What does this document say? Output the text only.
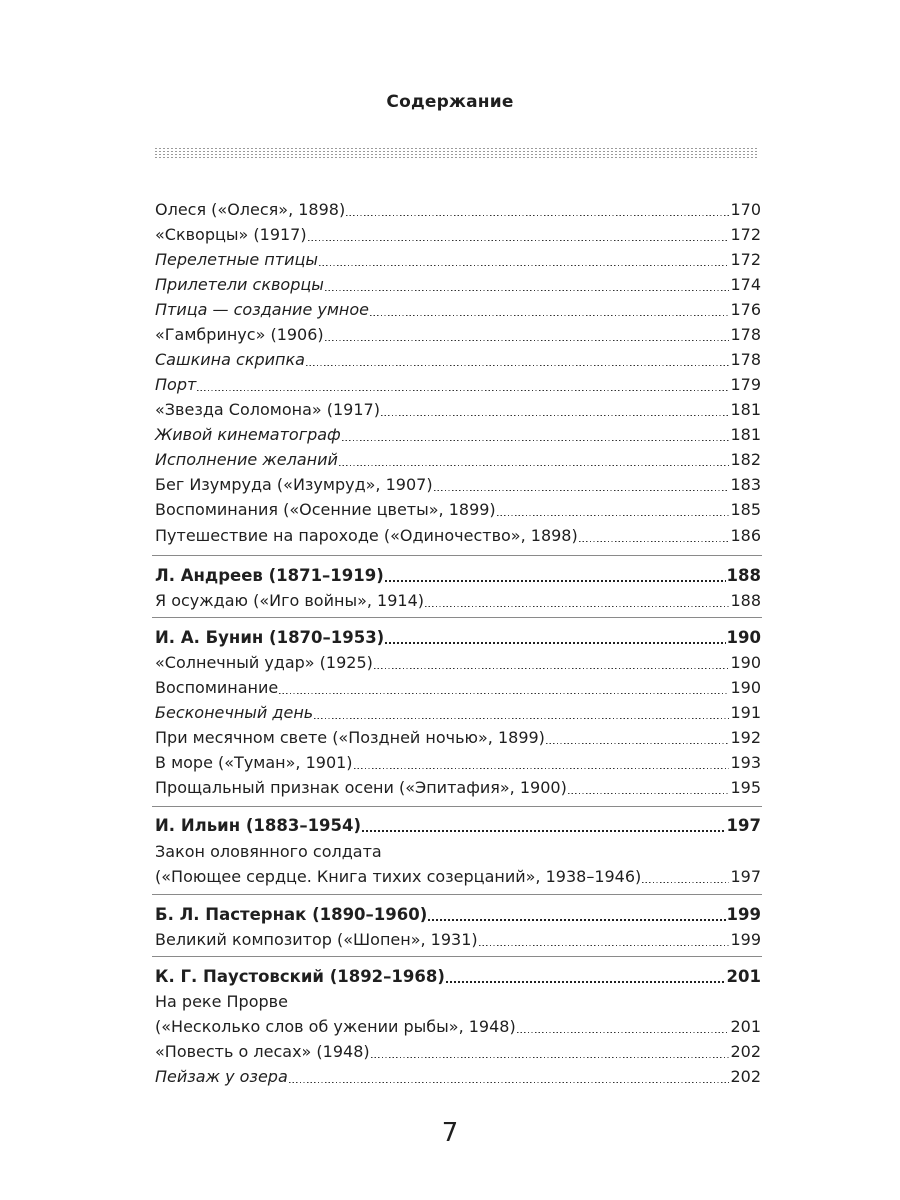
Содержание
Олеся («Олеся», 1898)	170
«Скворцы» (1917)	172
Перелетные птицы	172
Прилетели скворцы	174
Птица — создание умное	176
«Гамбринус» (1906)	178
Сашкина скрипка	178
Порт	179
«Звезда Соломона» (1917)	181
Живой кинематограф	181
Исполнение желаний	182
Бег Изумруда («Изумруд», 1907)	183
Воспоминания («Осенние цветы», 1899)	185
Путешествие на пароходе («Одиночество», 1898)	186
Л. Андреев (1871–1919)	188
Я осуждаю («Иго войны», 1914)	188
И. А. Бунин (1870–1953)	190
«Солнечный удар» (1925)	190
Воспоминание	190
Бесконечный день	191
При месячном свете («Поздней ночью», 1899)	192
В море («Туман», 1901)	193
Прощальный признак осени («Эпитафия», 1900)	195
И. Ильин (1883–1954)	197
Закон оловянного солдата
(«Поющее сердце. Книга тихих созерцаний», 1938–1946)	197
Б. Л. Пастернак (1890–1960)	199
Великий композитор («Шопен», 1931)	199
К. Г. Паустовский (1892–1968)	201
На реке Прорве
(«Несколько слов об ужении рыбы», 1948)	201
«Повесть о лесах» (1948)	202
Пейзаж у озера	202
7
